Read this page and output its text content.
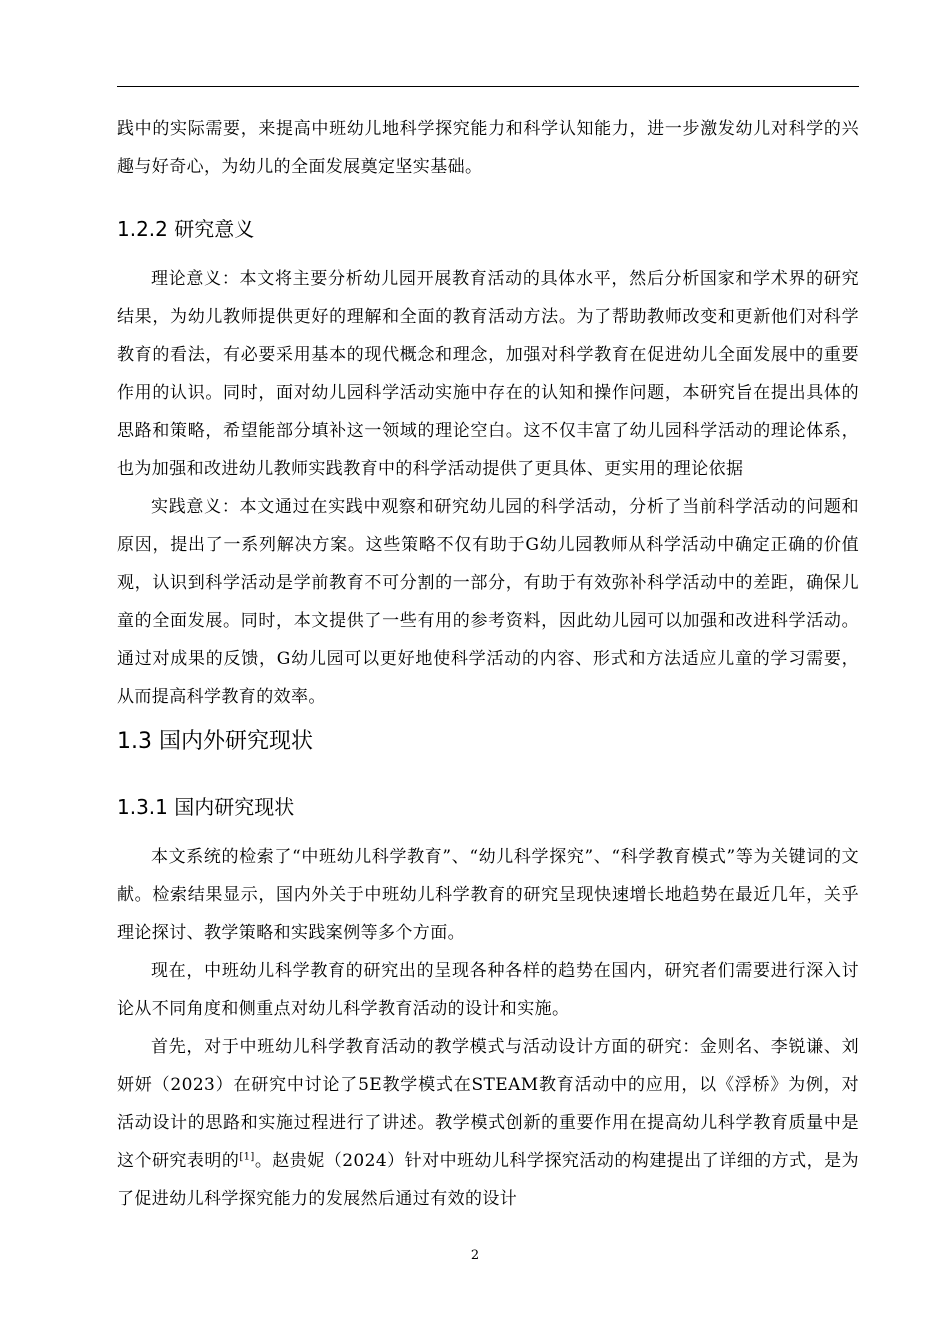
践中的实际需要，来提高中班幼儿地科学探究能力和科学认知能力，进一步激发幼儿对科学的兴趣与好奇心，为幼儿的全面发展奠定坚实基础。

1.2.2 研究意义

理论意义：本文将主要分析幼儿园开展教育活动的具体水平，然后分析国家和学术界的研究结果，为幼儿教师提供更好的理解和全面的教育活动方法。为了帮助教师改变和更新他们对科学教育的看法，有必要采用基本的现代概念和理念，加强对科学教育在促进幼儿全面发展中的重要作用的认识。同时，面对幼儿园科学活动实施中存在的认知和操作问题，本研究旨在提出具体的思路和策略，希望能部分填补这一领域的理论空白。这不仅丰富了幼儿园科学活动的理论体系，也为加强和改进幼儿教师实践教育中的科学活动提供了更具体、更实用的理论依据

实践意义：本文通过在实践中观察和研究幼儿园的科学活动，分析了当前科学活动的问题和原因，提出了一系列解决方案。这些策略不仅有助于G幼儿园教师从科学活动中确定正确的价值观，认识到科学活动是学前教育不可分割的一部分，有助于有效弥补科学活动中的差距，确保儿童的全面发展。同时，本文提供了一些有用的参考资料，因此幼儿园可以加强和改进科学活动。通过对成果的反馈，G幼儿园可以更好地使科学活动的内容、形式和方法适应儿童的学习需要，从而提高科学教育的效率。

1.3 国内外研究现状
1.3.1 国内研究现状

本文系统的检索了“中班幼儿科学教育”、“幼儿科学探究”、“科学教育模式”等为关键词的文献。检索结果显示，国内外关于中班幼儿科学教育的研究呈现快速增长地趋势在最近几年，关乎理论探讨、教学策略和实践案例等多个方面。

现在，中班幼儿科学教育的研究出的呈现各种各样的趋势在国内，研究者们需要进行深入讨论从不同角度和侧重点对幼儿科学教育活动的设计和实施。

首先，对于中班幼儿科学教育活动的教学模式与活动设计方面的研究：金则名、李锐谦、刘妍妍（2023）在研究中讨论了5E教学模式在STEAM教育活动中的应用，以《浮桥》为例，对活动设计的思路和实施过程进行了讲述。教学模式创新的重要作用在提高幼儿科学教育质量中是这个研究表明的[1]。赵贵妮（2024）针对中班幼儿科学探究活动的构建提出了详细的方式，是为了促进幼儿科学探究能力的发展然后通过有效的设计

2
